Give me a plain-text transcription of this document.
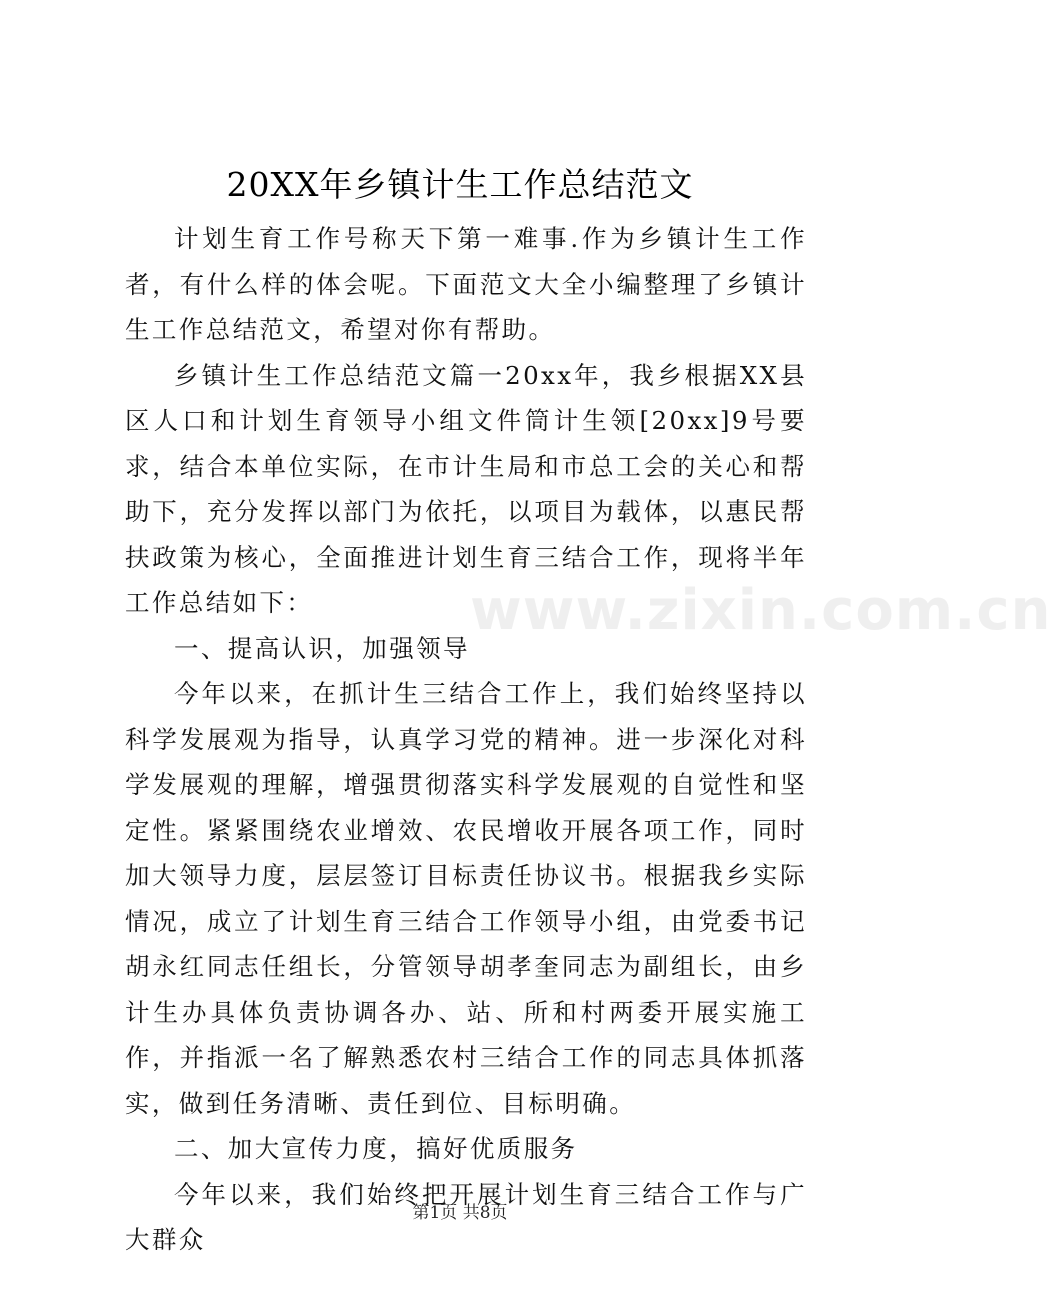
20XX年乡镇计生工作总结范文

计划生育工作号称天下第一难事.作为乡镇计生工作者，有什么样的体会呢。下面范文大全小编整理了乡镇计生工作总结范文，希望对你有帮助。

乡镇计生工作总结范文篇一20xx年，我乡根据XX县区人口和计划生育领导小组文件筒计生领[20xx]9号要求，结合本单位实际，在市计生局和市总工会的关心和帮助下，充分发挥以部门为依托，以项目为载体，以惠民帮扶政策为核心，全面推进计划生育三结合工作，现将半年工作总结如下：

一、提高认识，加强领导

今年以来，在抓计生三结合工作上，我们始终坚持以科学发展观为指导，认真学习党的精神。进一步深化对科学发展观的理解，增强贯彻落实科学发展观的自觉性和坚定性。紧紧围绕农业增效、农民增收开展各项工作，同时加大领导力度，层层签订目标责任协议书。根据我乡实际情况，成立了计划生育三结合工作领导小组，由党委书记胡永红同志任组长，分管领导胡孝奎同志为副组长，由乡计生办具体负责协调各办、站、所和村两委开展实施工作，并指派一名了解熟悉农村三结合工作的同志具体抓落实，做到任务清晰、责任到位、目标明确。

二、加大宣传力度，搞好优质服务

今年以来，我们始终把开展计划生育三结合工作与广大群众

www.zixin.com.cn
第1页 共8页
